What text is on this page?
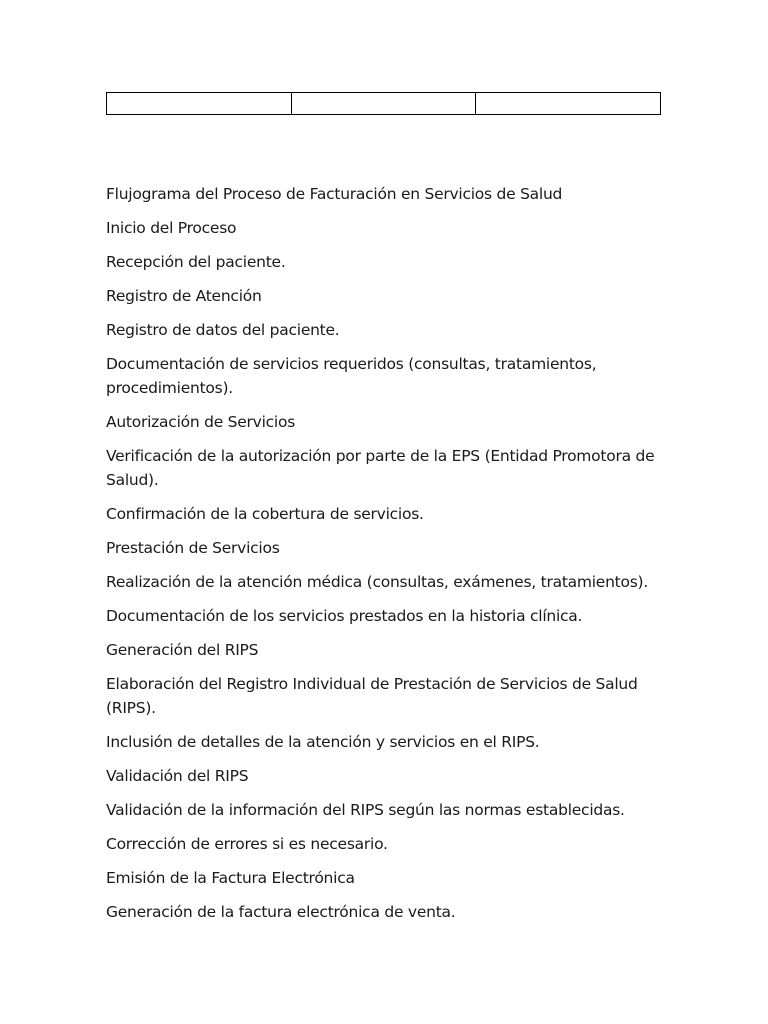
Flujograma del Proceso de Facturación en Servicios de Salud

Inicio del Proceso

Recepción del paciente.

Registro de Atención

Registro de datos del paciente.

Documentación de servicios requeridos (consultas, tratamientos, procedimientos).

Autorización de Servicios

Verificación de la autorización por parte de la EPS (Entidad Promotora de Salud).

Confirmación de la cobertura de servicios.

Prestación de Servicios

Realización de la atención médica (consultas, exámenes, tratamientos).

Documentación de los servicios prestados en la historia clínica.

Generación del RIPS

Elaboración del Registro Individual de Prestación de Servicios de Salud (RIPS).

Inclusión de detalles de la atención y servicios en el RIPS.

Validación del RIPS

Validación de la información del RIPS según las normas establecidas.

Corrección de errores si es necesario.

Emisión de la Factura Electrónica

Generación de la factura electrónica de venta.
